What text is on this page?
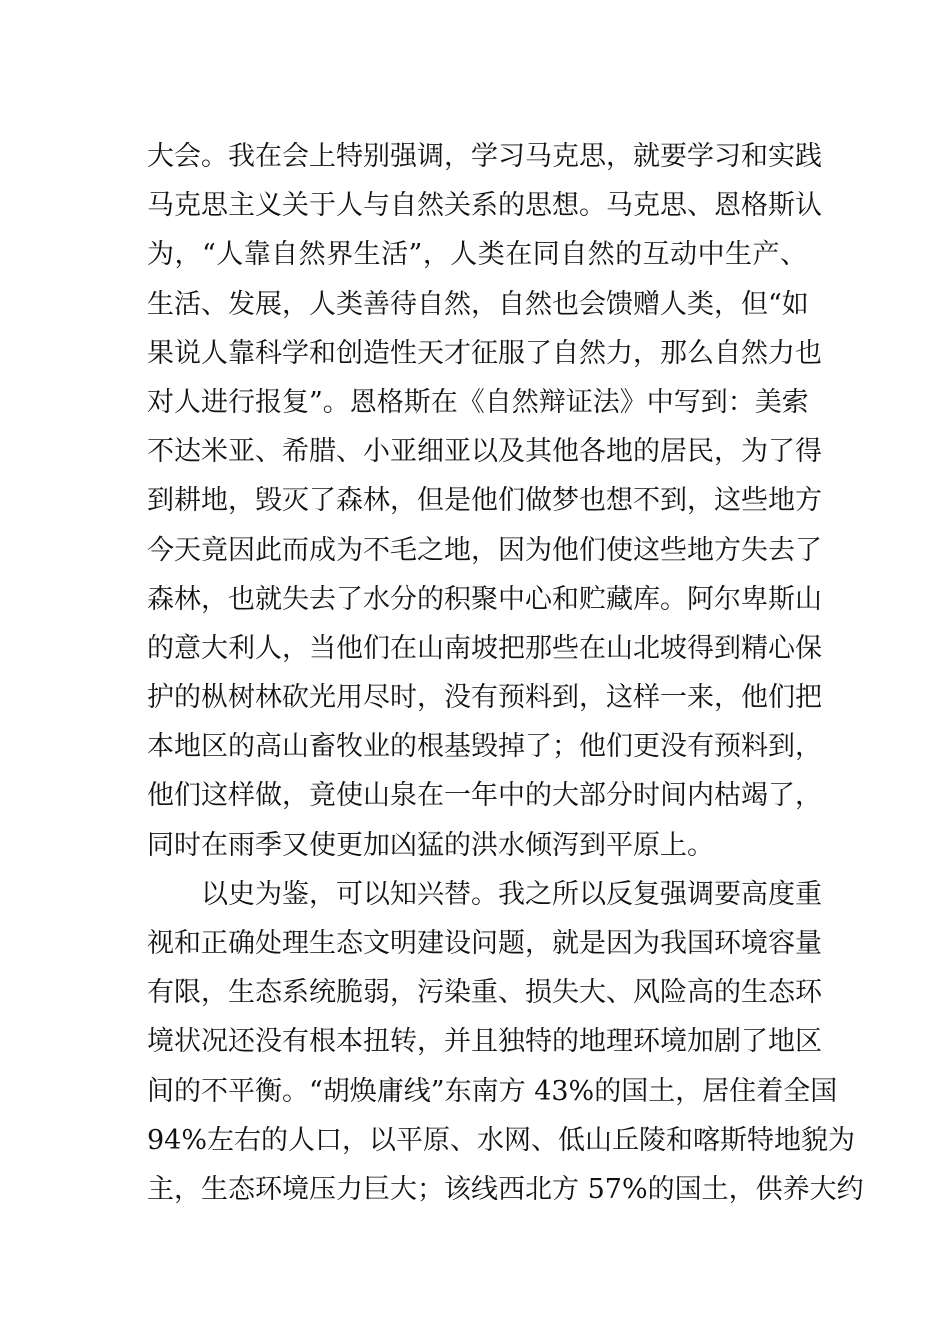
大会。我在会上特别强调，学习马克思，就要学习和实践
马克思主义关于人与自然关系的思想。马克思、恩格斯认
为，“人靠自然界生活”，人类在同自然的互动中生产、
生活、发展，人类善待自然，自然也会馈赠人类，但“如
果说人靠科学和创造性天才征服了自然力，那么自然力也
对人进行报复”。恩格斯在《自然辩证法》中写到：美索
不达米亚、希腊、小亚细亚以及其他各地的居民，为了得
到耕地，毁灭了森林，但是他们做梦也想不到，这些地方
今天竟因此而成为不毛之地，因为他们使这些地方失去了
森林，也就失去了水分的积聚中心和贮藏库。阿尔卑斯山
的意大利人，当他们在山南坡把那些在山北坡得到精心保
护的枞树林砍光用尽时，没有预料到，这样一来，他们把
本地区的高山畜牧业的根基毁掉了；他们更没有预料到，
他们这样做，竟使山泉在一年中的大部分时间内枯竭了，
同时在雨季又使更加凶猛的洪水倾泻到平原上。
以史为鉴，可以知兴替。我之所以反复强调要高度重
视和正确处理生态文明建设问题，就是因为我国环境容量
有限，生态系统脆弱，污染重、损失大、风险高的生态环
境状况还没有根本扭转，并且独特的地理环境加剧了地区
间的不平衡。“胡焕庸线”东南方 43%的国土，居住着全国
94%左右的人口，以平原、水网、低山丘陵和喀斯特地貌为
主，生态环境压力巨大；该线西北方 57%的国土，供养大约
